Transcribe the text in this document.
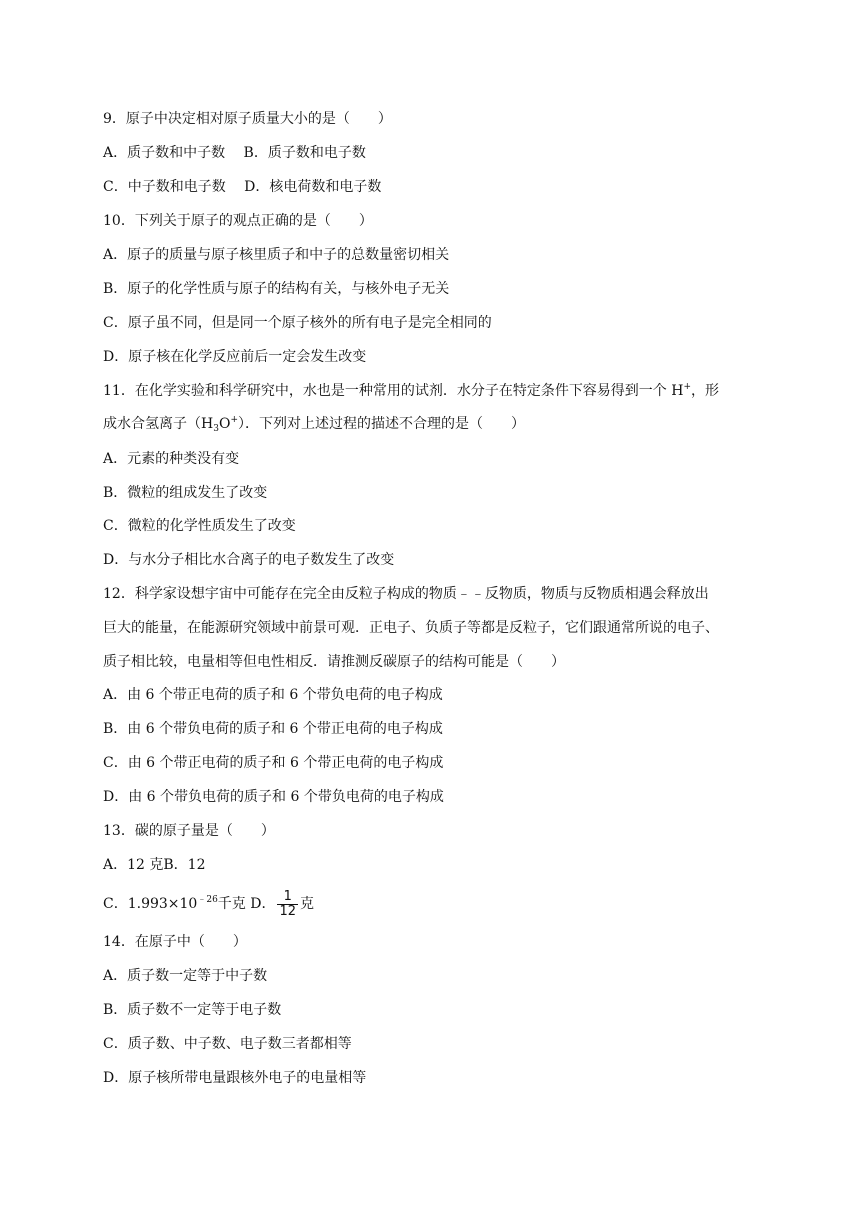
9．原子中决定相对原子质量大小的是（　　）
A．质子数和中子数　 B．质子数和电子数
C．中子数和电子数　 D．核电荷数和电子数
10．下列关于原子的观点正确的是（　　）
A．原子的质量与原子核里质子和中子的总数量密切相关
B．原子的化学性质与原子的结构有关，与核外电子无关
C．原子虽不同，但是同一个原子核外的所有电子是完全相同的
D．原子核在化学反应前后一定会发生改变
11．在化学实验和科学研究中，水也是一种常用的试剂．水分子在特定条件下容易得到一个 H+，形
成水合氢离子$(H_3O^+)$．下列对上述过程的描述不合理的是（　　）
A．元素的种类没有变
B．微粒的组成发生了改变
C．微粒的化学性质发生了改变
D．与水分子相比水合离子的电子数发生了改变
12．科学家设想宇宙中可能存在完全由反粒子构成的物质﹣﹣反物质，物质与反物质相遇会释放出
巨大的能量，在能源研究领域中前景可观．正电子、负质子等都是反粒子，它们跟通常所说的电子、
质子相比较，电量相等但电性相反．请推测反碳原子的结构可能是（　　）
A．由 6 个带正电荷的质子和 6 个带负电荷的电子构成
B．由 6 个带负电荷的质子和 6 个带正电荷的电子构成
C．由 6 个带正电荷的质子和 6 个带正电荷的电子构成
D．由 6 个带负电荷的质子和 6 个带负电荷的电子构成
13．碳的原子量是（　　）
A．12 克B．12
C．$1.993\times 10^{﹣26}$千克 D． $\frac{1}{12}$ 克
14．在原子中（　　）
A．质子数一定等于中子数
B．质子数不一定等于电子数
C．质子数、中子数、电子数三者都相等
D．原子核所带电量跟核外电子的电量相等
